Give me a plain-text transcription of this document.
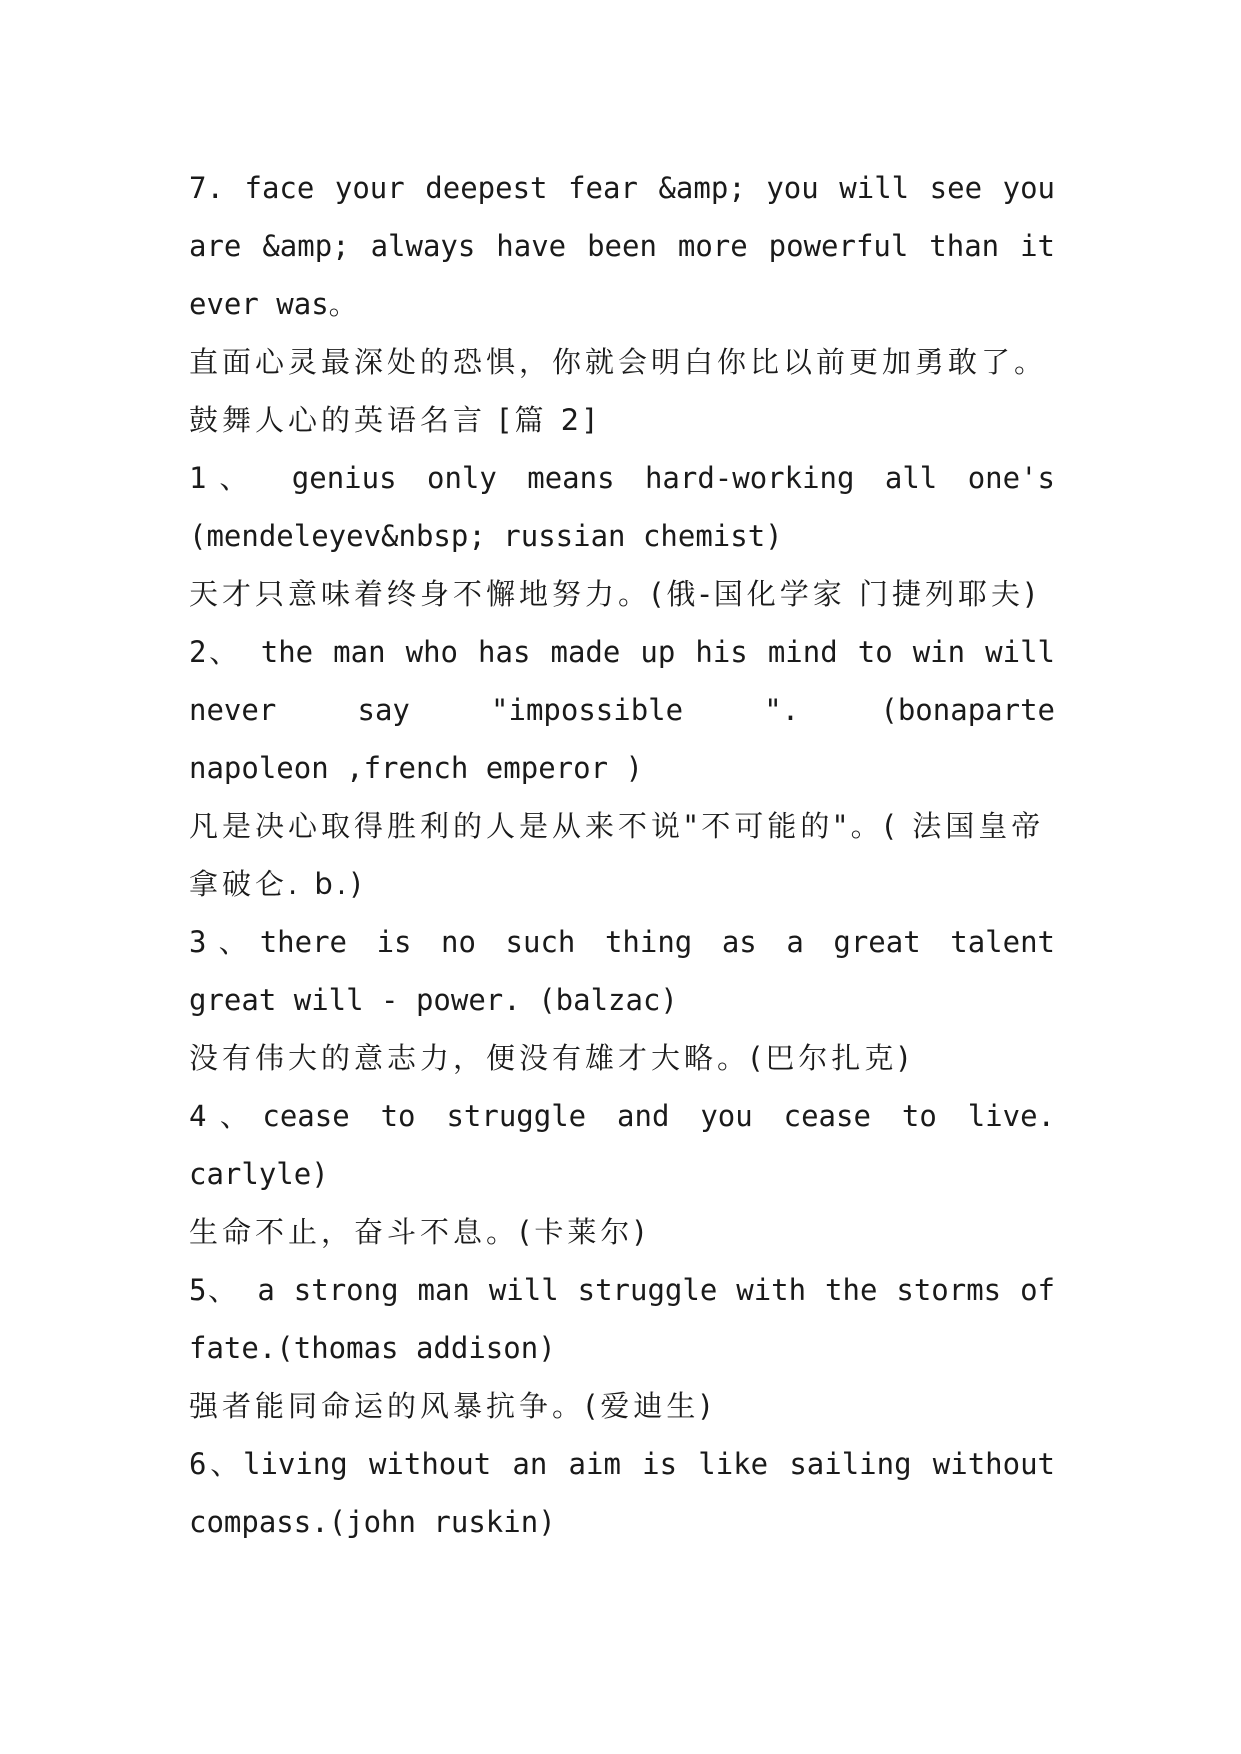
7. face your deepest fear &amp; you will see you
are &amp; always have been more powerful than it
ever was。
直面心灵最深处的恐惧，你就会明白你比以前更加勇敢了。
鼓舞人心的英语名言 [篇 2]
1、 genius only means hard-working all one's
(mendeleyev&nbsp; russian chemist)
天才只意味着终身不懈地努力。(俄-国化学家 门捷列耶夫)
2、 the man who has made up his mind to win will
never say "impossible ". (bonaparte
napoleon ,french emperor )
凡是决心取得胜利的人是从来不说"不可能的"。( 法国皇帝
拿破仑. b.)
3、there is no such thing as a great talent
great will - power. (balzac)
没有伟大的意志力，便没有雄才大略。(巴尔扎克)
4、cease to struggle and you cease to live.
carlyle)
生命不止，奋斗不息。(卡莱尔)
5、 a strong man will struggle with the storms of
fate.(thomas addison)
强者能同命运的风暴抗争。(爱迪生)
6、living without an aim is like sailing without
compass.(john ruskin)
